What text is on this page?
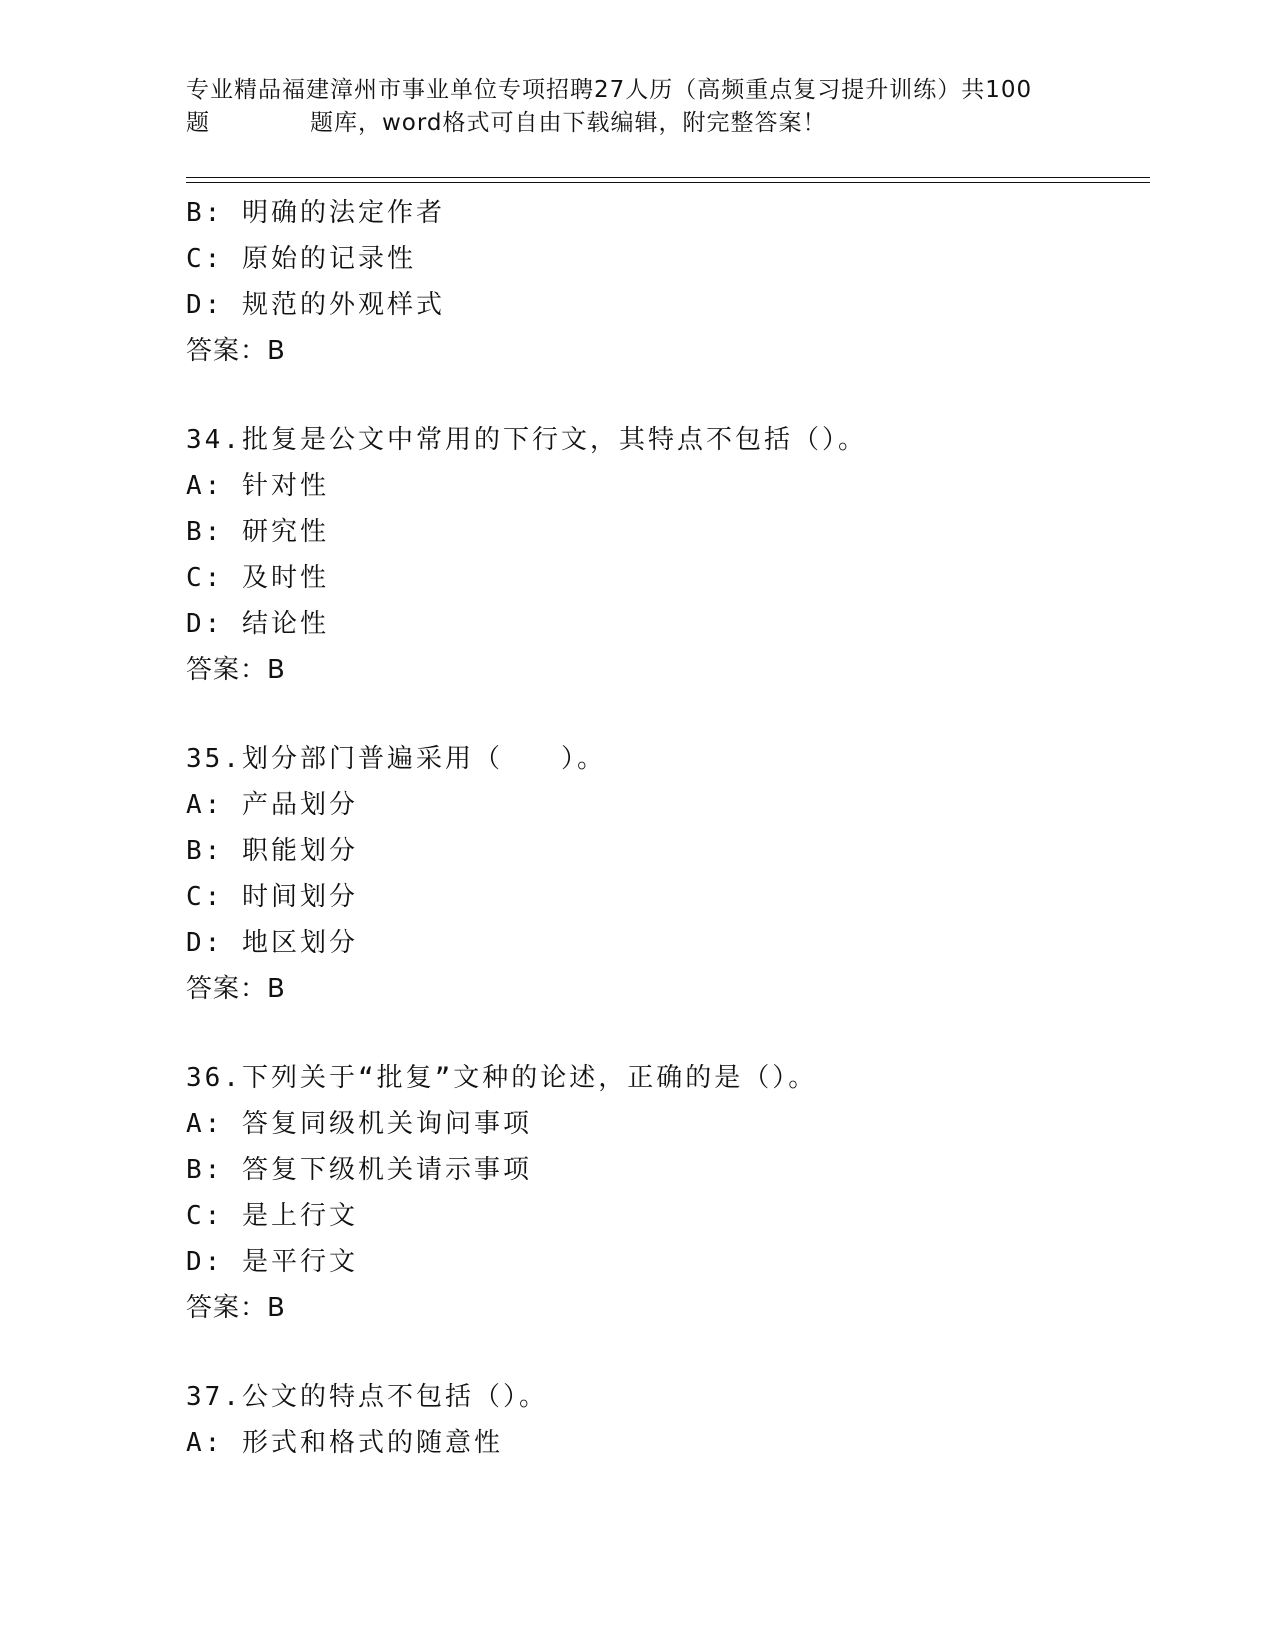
专业精品福建漳州市事业单位专项招聘27人历（高频重点复习提升训练）共100
题	题库，word格式可自由下载编辑，附完整答案！
B: 明确的法定作者
C: 原始的记录性
D: 规范的外观样式
答案：B
34.批复是公文中常用的下行文，其特点不包括（）。
A: 针对性
B: 研究性
C: 及时性
D: 结论性
答案：B
35.划分部门普遍采用（　　）。
A: 产品划分
B: 职能划分
C: 时间划分
D: 地区划分
答案：B
36.下列关于“批复”文种的论述，正确的是（）。
A: 答复同级机关询问事项
B: 答复下级机关请示事项
C: 是上行文
D: 是平行文
答案：B
37.公文的特点不包括（）。
A: 形式和格式的随意性
